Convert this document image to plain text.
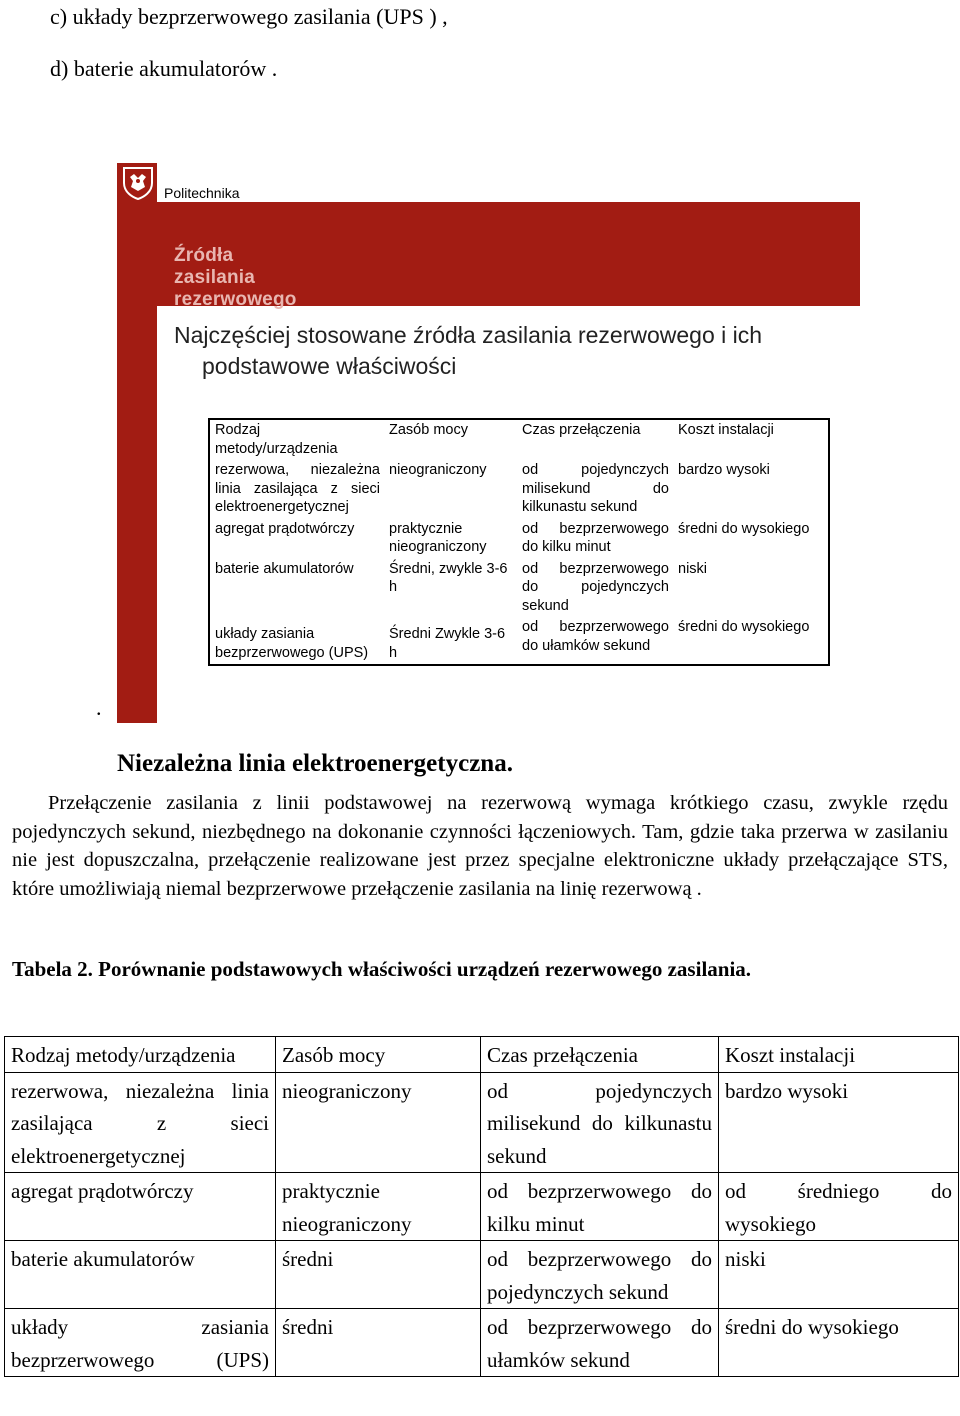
c) układy bezprzerwowego zasilania (UPS ) ,
d) baterie akumulatorów .
Politechnika
Źródła zasilania rezerwowego
Najczęściej stosowane źródła zasilania rezerwowego i ich
podstawowe właściwości
Rodzaj metody/urządzenia	Zasób mocy	Czas przełączenia	Koszt instalacji
rezerwowa, niezależna linia zasilająca z sieci elektroenergetycznej	nieograniczony	od pojedynczych milisekund do kilkunastu sekund	bardzo wysoki
agregat prądotwórczy	praktycznie nieograniczony	od bezprzerwowego do kilku minut	średni do wysokiego
baterie akumulatorów	Średni, zwykle 3-6 h	od bezprzerwowego do pojedynczych sekund	niski
układy zasiania bezprzerwowego (UPS)	Średni Zwykle 3-6 h	od bezprzerwowego do ułamków sekund	średni do wysokiego
.
Niezależna linia elektroenergetyczna.
Przełączenie zasilania z linii podstawowej na rezerwową wymaga krótkiego czasu, zwykle rzędu pojedynczych sekund, niezbędnego na dokonanie czynności łączeniowych. Tam, gdzie taka przerwa w zasilaniu nie jest dopuszczalna, przełączenie realizowane jest przez specjalne elektroniczne układy przełączające STS, które umożliwiają niemal bezprzerwowe przełączenie zasilania na linię rezerwową .
Tabela 2. Porównanie podstawowych właściwości urządzeń rezerwowego zasilania.
Rodzaj metody/urządzenia	Zasób mocy	Czas przełączenia	Koszt instalacji
rezerwowa, niezależna linia zasilająca z sieci elektroenergetycznej	nieograniczony	od pojedynczych milisekund do kilkunastu sekund	bardzo wysoki
agregat prądotwórczy	praktycznie nieograniczony	od bezprzerwowego do kilku minut	od średniego do wysokiego
baterie akumulatorów	średni	od bezprzerwowego do pojedynczych sekund	niski
układy zasiania bezprzerwowego (UPS)	średni	od bezprzerwowego do ułamków sekund	średni do wysokiego
